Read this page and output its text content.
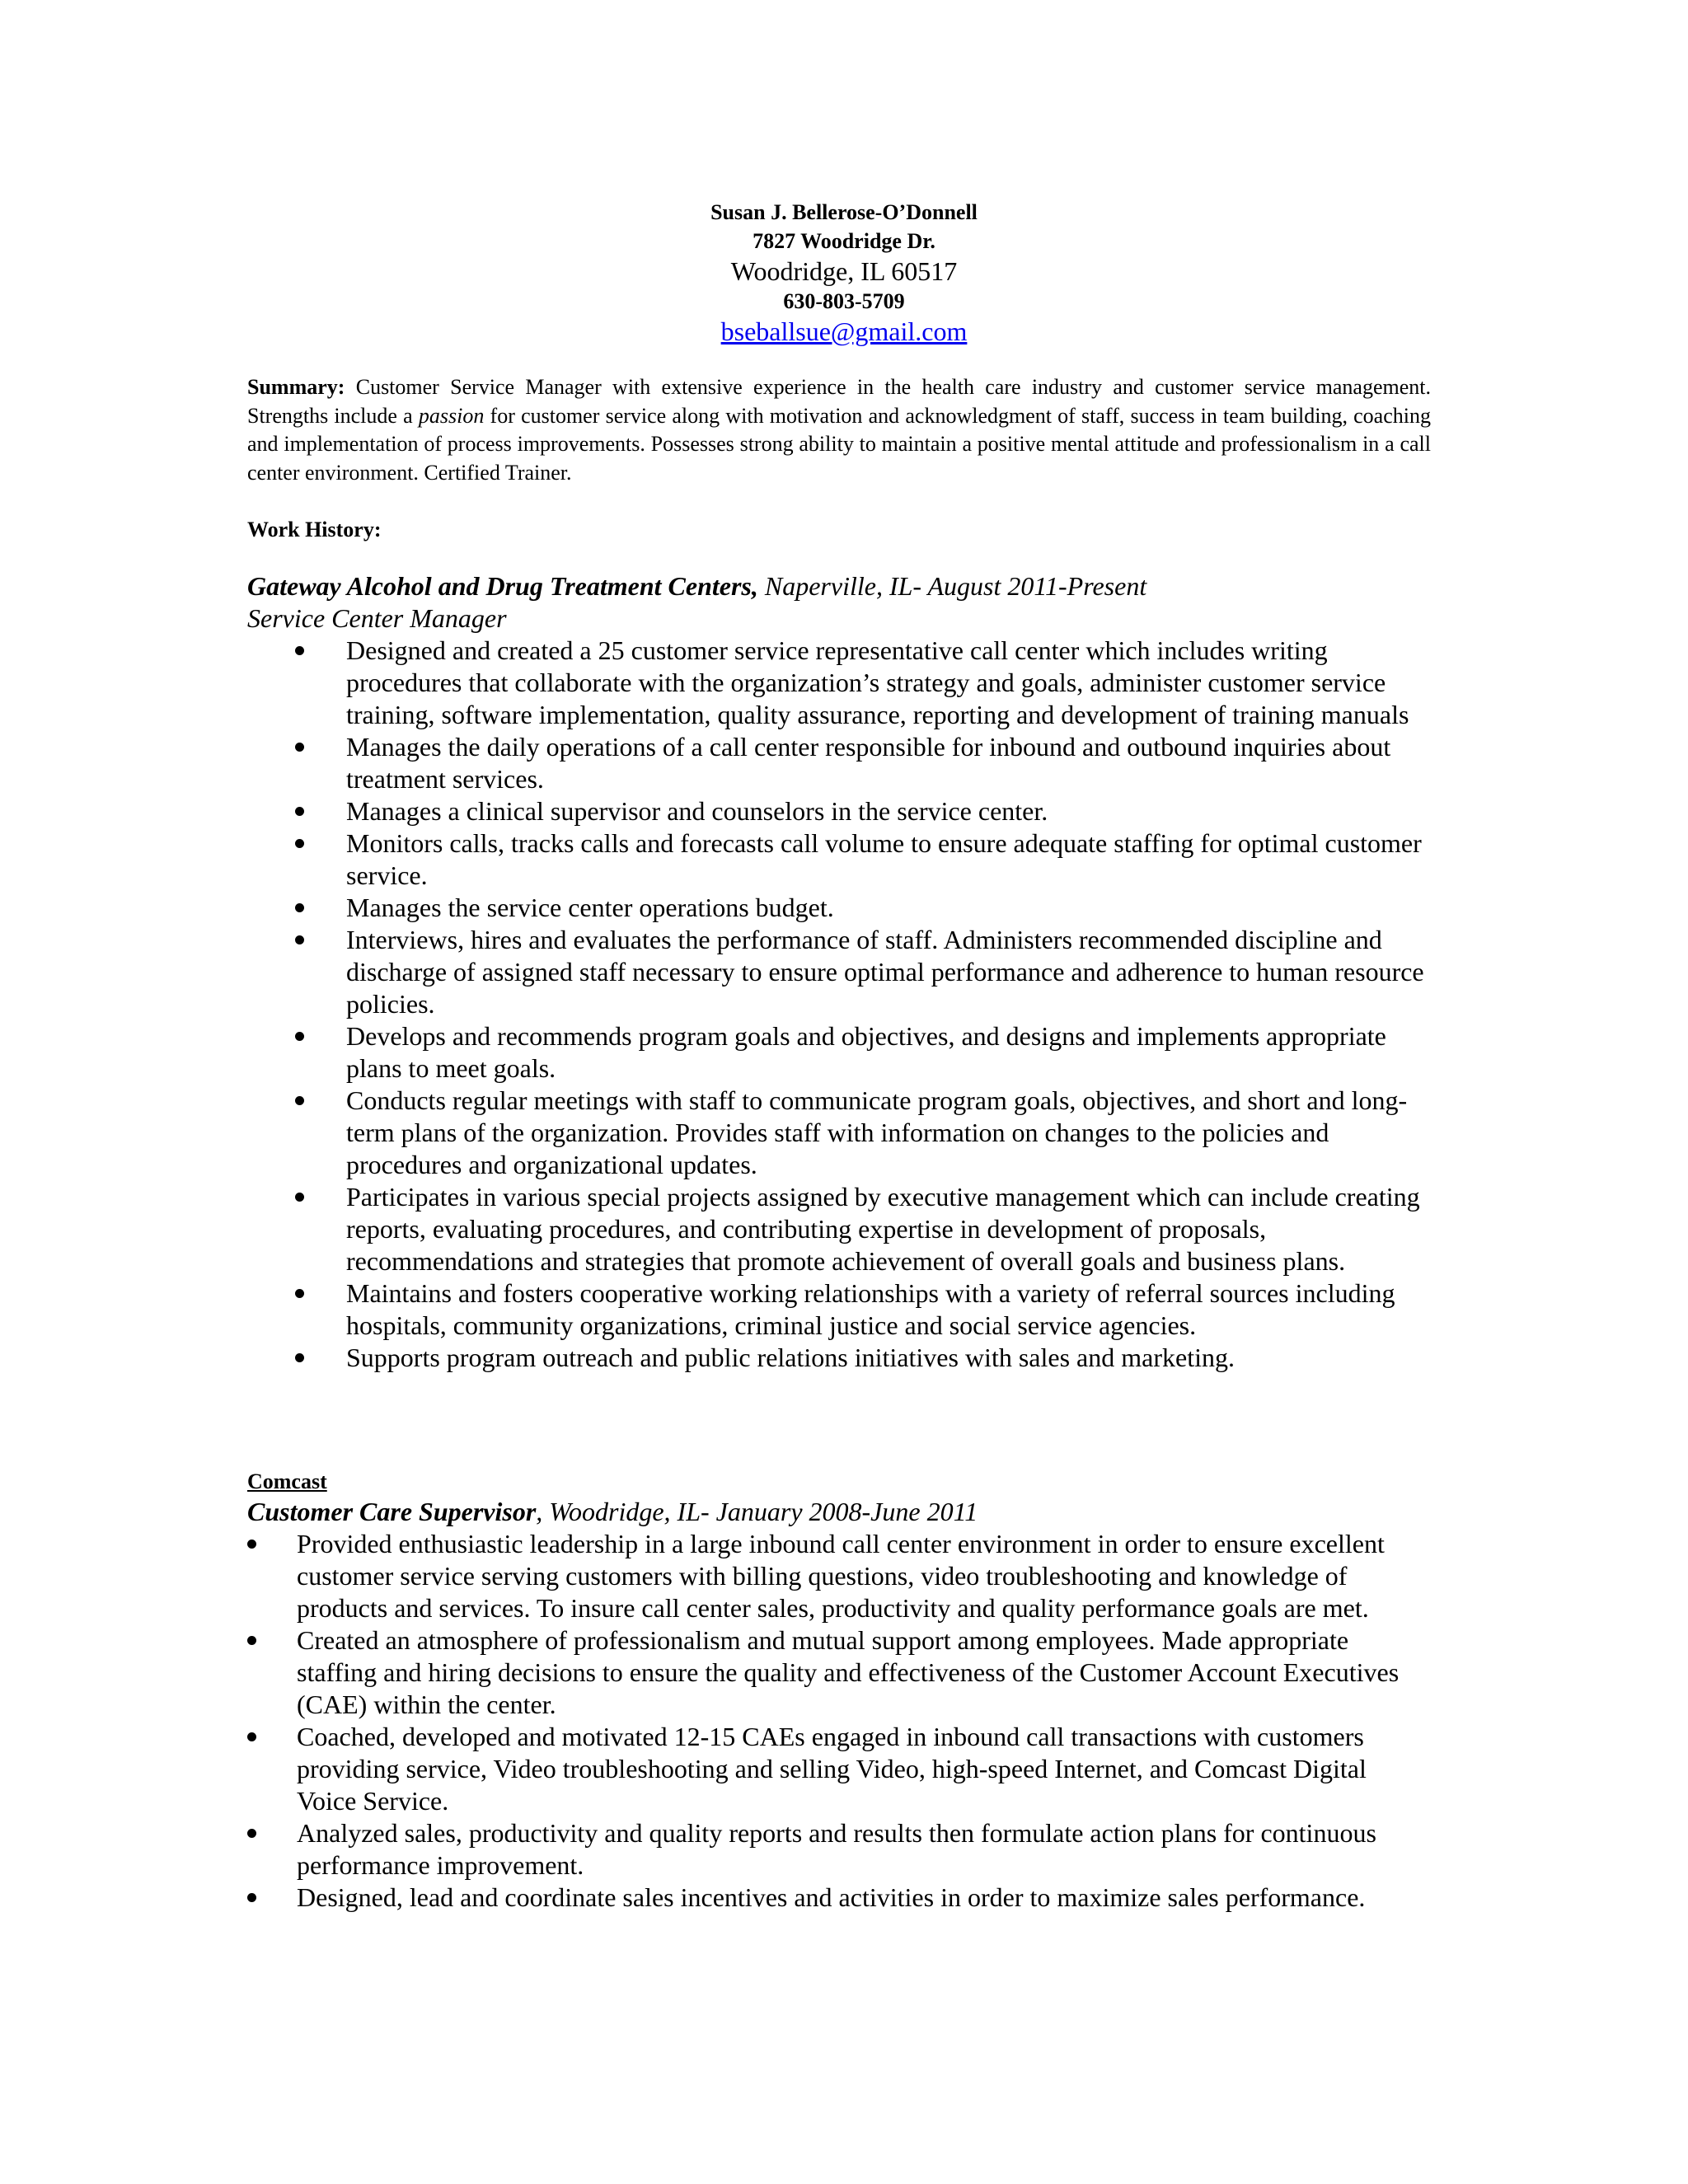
Susan J. Bellerose-O’Donnell
7827 Woodridge Dr.
Woodridge, IL 60517
630-803-5709
bseballsue@gmail.com

Summary: Customer Service Manager with extensive experience in the health care industry and customer service management. Strengths include a passion for customer service along with motivation and acknowledgment of staff, success in team building, coaching and implementation of process improvements. Possesses strong ability to maintain a positive mental attitude and professionalism in a call center environment. Certified Trainer.

Work History:

Gateway Alcohol and Drug Treatment Centers, Naperville, IL- August 2011-Present

Service Center Manager

Designed and created a 25 customer service representative call center which includes writing procedures that collaborate with the organization’s strategy and goals, administer customer service training, software implementation, quality assurance, reporting and development of training manuals
Manages the daily operations of a call center responsible for inbound and outbound inquiries about treatment services.
Manages a clinical supervisor and counselors in the service center.
Monitors calls, tracks calls and forecasts call volume to ensure adequate staffing for optimal customer service.
Manages the service center operations budget.
Interviews, hires and evaluates the performance of staff. Administers recommended discipline and discharge of assigned staff necessary to ensure optimal performance and adherence to human resource policies.
Develops and recommends program goals and objectives, and designs and implements appropriate plans to meet goals.
Conducts regular meetings with staff to communicate program goals, objectives, and short and long-term plans of the organization. Provides staff with information on changes to the policies and procedures and organizational updates.
Participates in various special projects assigned by executive management which can include creating reports, evaluating procedures, and contributing expertise in development of proposals, recommendations and strategies that promote achievement of overall goals and business plans.
Maintains and fosters cooperative working relationships with a variety of referral sources including hospitals, community organizations, criminal justice and social service agencies.
Supports program outreach and public relations initiatives with sales and marketing.

Comcast

Customer Care Supervisor, Woodridge, IL- January 2008-June 2011

Provided enthusiastic leadership in a large inbound call center environment in order to ensure excellent customer service serving customers with billing questions, video troubleshooting and knowledge of products and services. To insure call center sales, productivity and quality performance goals are met.
Created an atmosphere of professionalism and mutual support among employees. Made appropriate staffing and hiring decisions to ensure the quality and effectiveness of the Customer Account Executives (CAE) within the center.
Coached, developed and motivated 12-15 CAEs engaged in inbound call transactions with customers providing service, Video troubleshooting and selling Video, high-speed Internet, and Comcast Digital Voice Service.
Analyzed sales, productivity and quality reports and results then formulate action plans for continuous performance improvement.
Designed, lead and coordinate sales incentives and activities in order to maximize sales performance.
